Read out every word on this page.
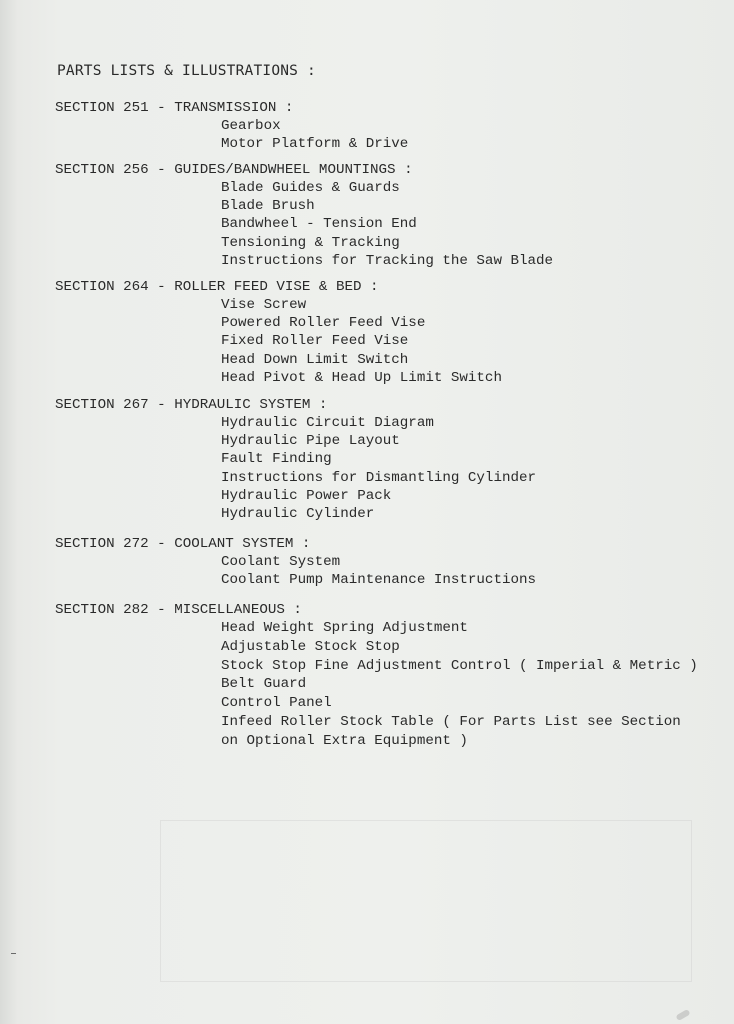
PARTS LISTS & ILLUSTRATIONS :
SECTION 251 - TRANSMISSION :
Gearbox
Motor Platform & Drive
SECTION 256 - GUIDES/BANDWHEEL MOUNTINGS :
Blade Guides & Guards
Blade Brush
Bandwheel - Tension End
Tensioning & Tracking
Instructions for Tracking the Saw Blade
SECTION 264 - ROLLER FEED VISE & BED :
Vise Screw
Powered Roller Feed Vise
Fixed Roller Feed Vise
Head Down Limit Switch
Head Pivot & Head Up Limit Switch
SECTION 267 - HYDRAULIC SYSTEM :
Hydraulic Circuit Diagram
Hydraulic Pipe Layout
Fault Finding
Instructions for Dismantling Cylinder
Hydraulic Power Pack
Hydraulic Cylinder
SECTION 272 - COOLANT SYSTEM :
Coolant System
Coolant Pump Maintenance Instructions
SECTION 282 - MISCELLANEOUS :
Head Weight Spring Adjustment
Adjustable Stock Stop
Stock Stop Fine Adjustment Control ( Imperial & Metric )
Belt Guard
Control Panel
Infeed Roller Stock Table ( For Parts List see Section
on Optional Extra Equipment )
